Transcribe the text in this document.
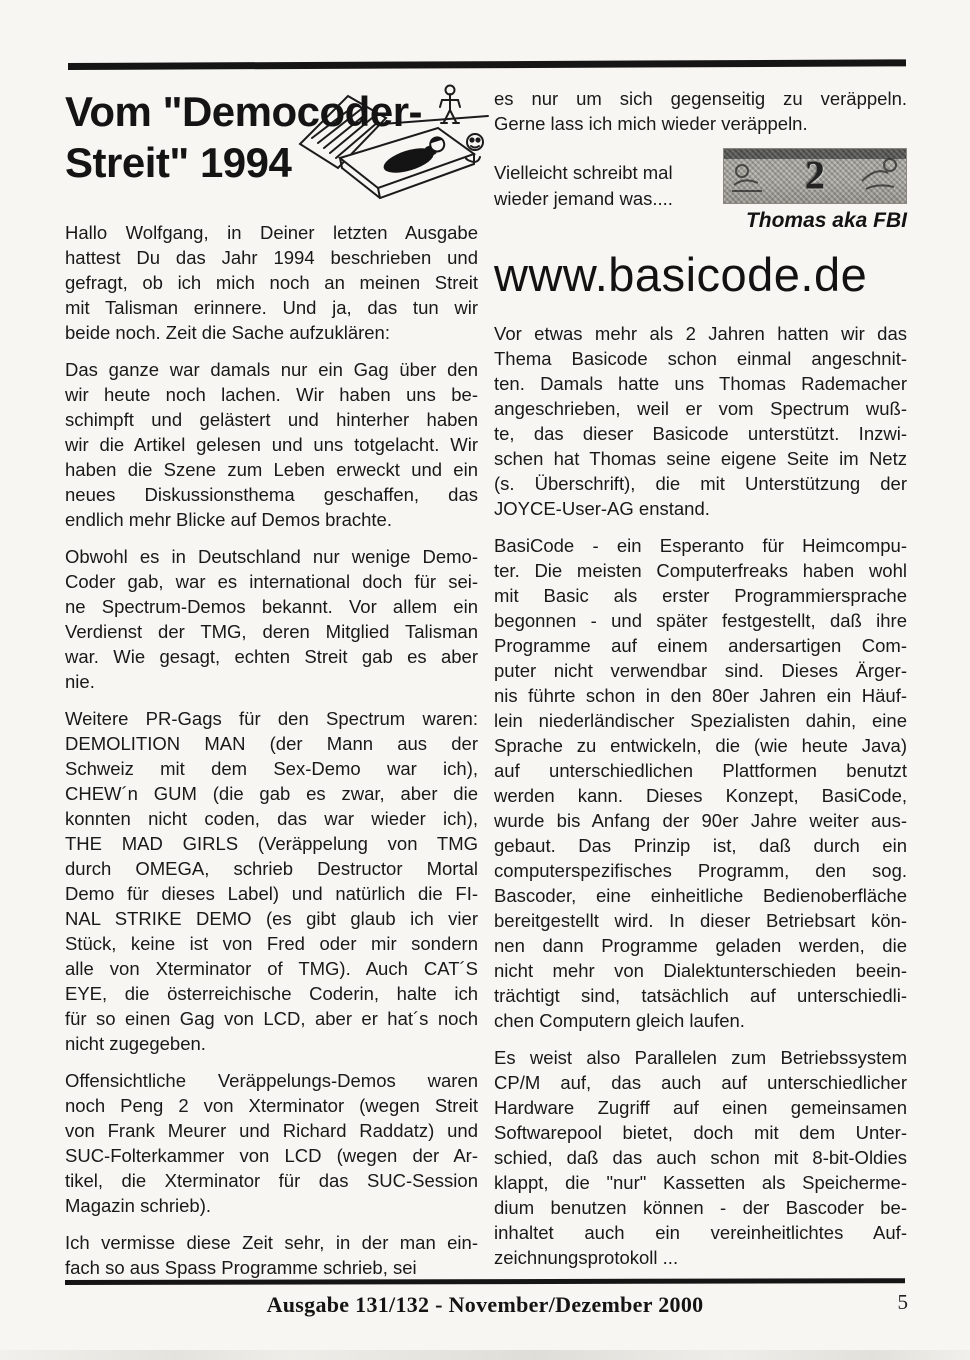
Vom "Democoder-
Streit" 1994
Hallo Wolfgang, in Deiner letzten Ausgabe
hattest Du das Jahr 1994 beschrieben und
gefragt, ob ich mich noch an meinen Streit
mit Talisman erinnere. Und ja, das tun wir
beide noch. Zeit die Sache aufzuklären:
Das ganze war damals nur ein Gag über den
wir heute noch lachen. Wir haben uns be-
schimpft und gelästert und hinterher haben
wir die Artikel gelesen und uns totgelacht. Wir
haben die Szene zum Leben erweckt und ein
neues Diskussionsthema geschaffen, das
endlich mehr Blicke auf Demos brachte.
Obwohl es in Deutschland nur wenige Demo-
Coder gab, war es international doch für sei-
ne Spectrum-Demos bekannt. Vor allem ein
Verdienst der TMG, deren Mitglied Talisman
war. Wie gesagt, echten Streit gab es aber
nie.
Weitere PR-Gags für den Spectrum waren:
DEMOLITION MAN (der Mann aus der
Schweiz mit dem Sex-Demo war ich),
CHEW´n GUM (die gab es zwar, aber die
konnten nicht coden, das war wieder ich),
THE MAD GIRLS (Veräppelung von TMG
durch OMEGA, schrieb Destructor Mortal
Demo für dieses Label) und natürlich die FI-
NAL STRIKE DEMO (es gibt glaub ich vier
Stück, keine ist von Fred oder mir sondern
alle von Xterminator of TMG). Auch CAT´S
EYE, die österreichische Coderin, halte ich
für so einen Gag von LCD, aber er hat´s noch
nicht zugegeben.
Offensichtliche Veräppelungs-Demos waren
noch Peng 2 von Xterminator (wegen Streit
von Frank Meurer und Richard Raddatz) und
SUC-Folterkammer von LCD (wegen der Ar-
tikel, die Xterminator für das SUC-Session
Magazin schrieb).
Ich vermisse diese Zeit sehr, in der man ein-
fach so aus Spass Programme schrieb, sei
es nur um sich gegenseitig zu veräppeln.
Gerne lass ich mich wieder veräppeln.
Vielleicht schreibt mal
wieder jemand was....
2
Thomas aka FBI
www.basicode.de
Vor etwas mehr als 2 Jahren hatten wir das
Thema Basicode schon einmal angeschnit-
ten. Damals hatte uns Thomas Rademacher
angeschrieben, weil er vom Spectrum wuß-
te, das dieser Basicode unterstützt. Inzwi-
schen hat Thomas seine eigene Seite im Netz
(s. Überschrift), die mit Unterstützung der
JOYCE-User-AG enstand.
BasiCode - ein Esperanto für Heimcompu-
ter. Die meisten Computerfreaks haben wohl
mit Basic als erster Programmiersprache
begonnen - und später festgestellt, daß ihre
Programme auf einem andersartigen Com-
puter nicht verwendbar sind. Dieses Ärger-
nis führte schon in den 80er Jahren ein Häuf-
lein niederländischer Spezialisten dahin, eine
Sprache zu entwickeln, die (wie heute Java)
auf unterschiedlichen Plattformen benutzt
werden kann. Dieses Konzept, BasiCode,
wurde bis Anfang der 90er Jahre weiter aus-
gebaut. Das Prinzip ist, daß durch ein
computerspezifisches Programm, den sog.
Bascoder, eine einheitliche Bedienoberfläche
bereitgestellt wird. In dieser Betriebsart kön-
nen dann Programme geladen werden, die
nicht mehr von Dialektunterschieden beein-
trächtigt sind, tatsächlich auf unterschiedli-
chen Computern gleich laufen.
Es weist also Parallelen zum Betriebssystem
CP/M auf, das auch auf unterschiedlicher
Hardware Zugriff auf einen gemeinsamen
Softwarepool bietet, doch mit dem Unter-
schied, daß das auch schon mit 8-bit-Oldies
klappt, die "nur" Kassetten als Speicherme-
dium benutzen können - der Bascoder be-
inhaltet auch ein vereinheitlichtes Auf-
zeichnungsprotokoll ...
Ausgabe 131/132 - November/Dezember 2000	5
